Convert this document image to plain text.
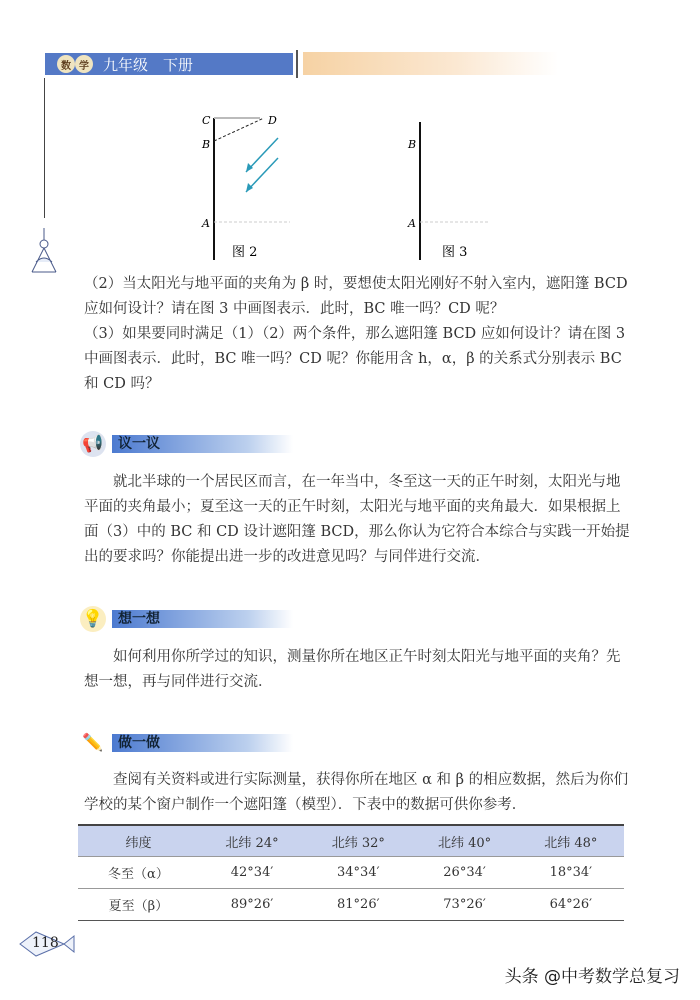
数 学 九年级　下册
C	D
B
A
图 2
B
A
图 3
（2）当太阳光与地平面的夹角为 β 时，要想使太阳光刚好不射入室内，遮阳篷 BCD 应如何设计？请在图 3 中画图表示．此时，BC 唯一吗？CD 呢？
（3）如果要同时满足（1）（2）两个条件，那么遮阳篷 BCD 应如何设计？请在图 3 中画图表示．此时，BC 唯一吗？CD 呢？你能用含 h，α，β 的关系式分别表示 BC 和 CD 吗？
📢	议一议
就北半球的一个居民区而言，在一年当中，冬至这一天的正午时刻，太阳光与地平面的夹角最小；夏至这一天的正午时刻，太阳光与地平面的夹角最大．如果根据上面（3）中的 BC 和 CD 设计遮阳篷 BCD，那么你认为它符合本综合与实践一开始提出的要求吗？你能提出进一步的改进意见吗？与同伴进行交流．
💡	想一想
如何利用你所学过的知识，测量你所在地区正午时刻太阳光与地平面的夹角？先想一想，再与同伴进行交流．
✏️	做一做
查阅有关资料或进行实际测量，获得你所在地区 α 和 β 的相应数据，然后为你们学校的某个窗户制作一个遮阳篷（模型）．下表中的数据可供你参考．
纬度	北纬 24°	北纬 32°	北纬 40°	北纬 48°
冬至（α）	42°34′	34°34′	26°34′	18°34′
夏至（β）	89°26′	81°26′	73°26′	64°26′
118
头条 @中考数学总复习
